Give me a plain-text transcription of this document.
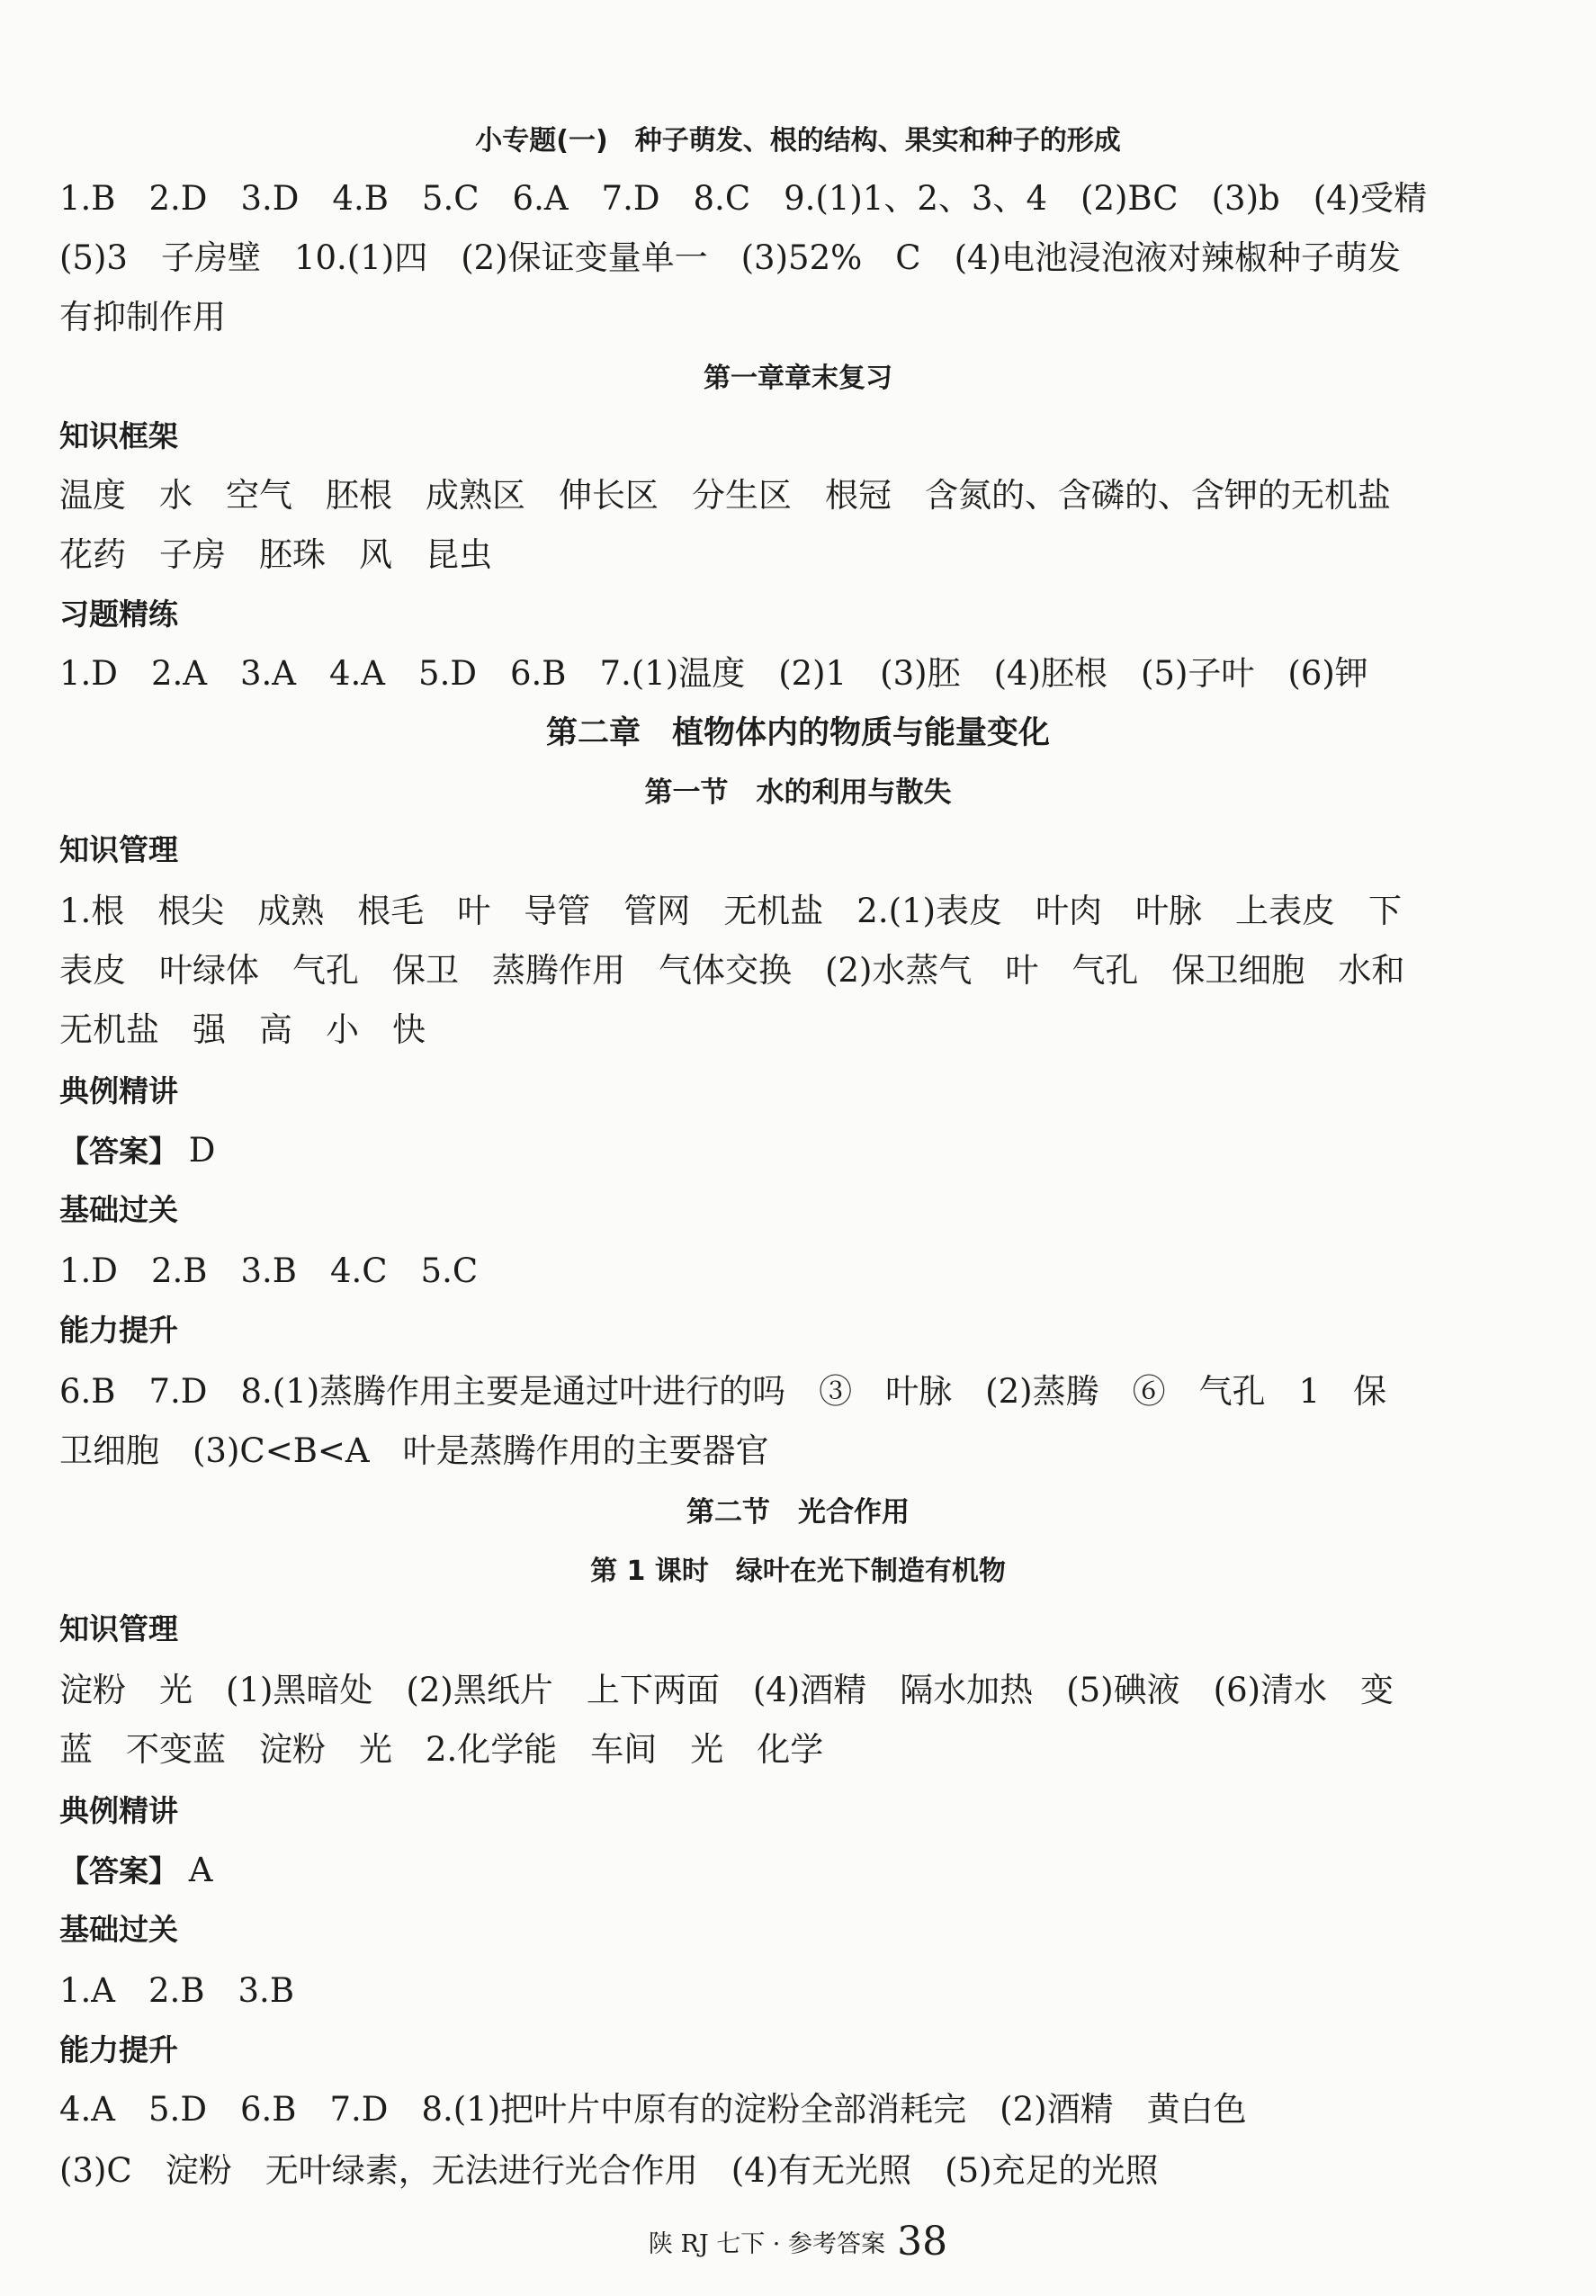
小专题(一)　种子萌发、根的结构、果实和种子的形成
1.B　2.D　3.D　4.B　5.C　6.A　7.D　8.C　9.(1)1、2、3、4　(2)BC　(3)b　(4)受精
(5)3　子房壁　10.(1)四　(2)保证变量单一　(3)52%　C　(4)电池浸泡液对辣椒种子萌发
有抑制作用
第一章章末复习
知识框架
温度　水　空气　胚根　成熟区　伸长区　分生区　根冠　含氮的、含磷的、含钾的无机盐
花药　子房　胚珠　风　昆虫
习题精练
1.D　2.A　3.A　4.A　5.D　6.B　7.(1)温度　(2)1　(3)胚　(4)胚根　(5)子叶　(6)钾
第二章　植物体内的物质与能量变化
第一节　水的利用与散失
知识管理
1.根　根尖　成熟　根毛　叶　导管　管网　无机盐　2.(1)表皮　叶肉　叶脉　上表皮　下
表皮　叶绿体　气孔　保卫　蒸腾作用　气体交换　(2)水蒸气　叶　气孔　保卫细胞　水和
无机盐　强　高　小　快
典例精讲
【答案】 D
基础过关
1.D　2.B　3.B　4.C　5.C
能力提升
6.B　7.D　8.(1)蒸腾作用主要是通过叶进行的吗　③　叶脉　(2)蒸腾　⑥　气孔　1　保
卫细胞　(3)C<B<A　叶是蒸腾作用的主要器官
第二节　光合作用
第 1 课时　绿叶在光下制造有机物
知识管理
淀粉　光　(1)黑暗处　(2)黑纸片　上下两面　(4)酒精　隔水加热　(5)碘液　(6)清水　变
蓝　不变蓝　淀粉　光　2.化学能　车间　光　化学
典例精讲
【答案】 A
基础过关
1.A　2.B　3.B
能力提升
4.A　5.D　6.B　7.D　8.(1)把叶片中原有的淀粉全部消耗完　(2)酒精　黄白色
(3)C　淀粉　无叶绿素，无法进行光合作用　(4)有无光照　(5)充足的光照
陕 RJ 七下 · 参考答案 38
